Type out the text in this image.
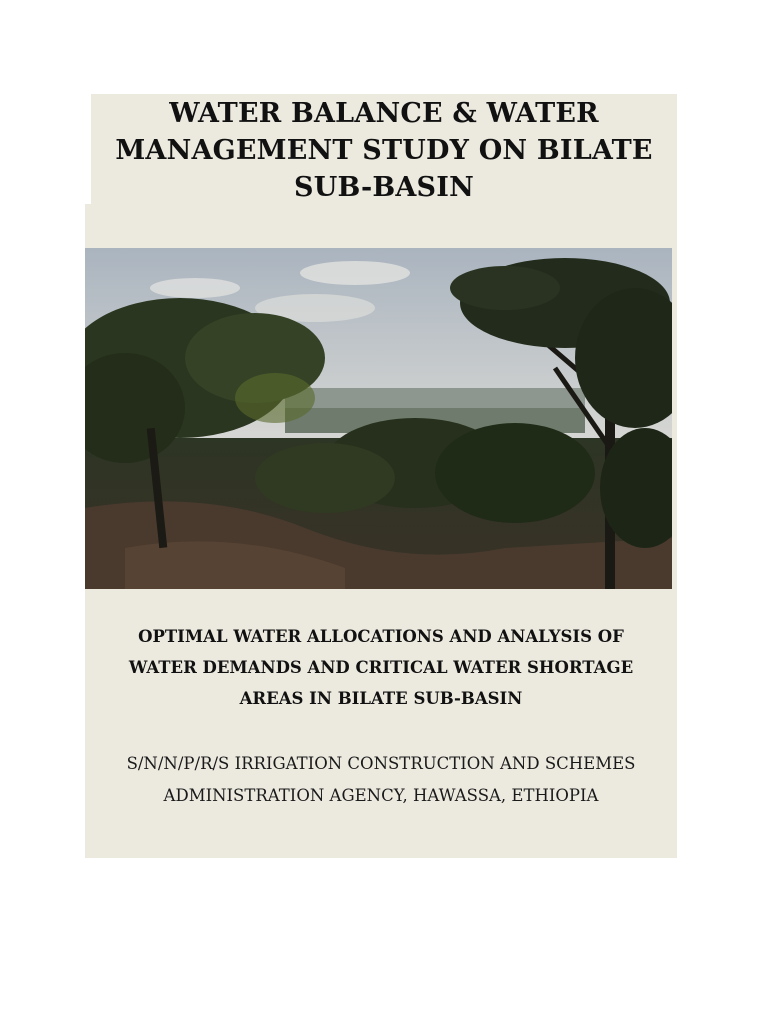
WATER BALANCE & WATER
MANAGEMENT STUDY ON BILATE
SUB-BASIN
OPTIMAL WATER ALLOCATIONS AND ANALYSIS OF
WATER DEMANDS AND CRITICAL WATER SHORTAGE
AREAS IN BILATE SUB-BASIN
S/N/N/P/R/S IRRIGATION CONSTRUCTION AND SCHEMES
ADMINISTRATION AGENCY, HAWASSA, ETHIOPIA
